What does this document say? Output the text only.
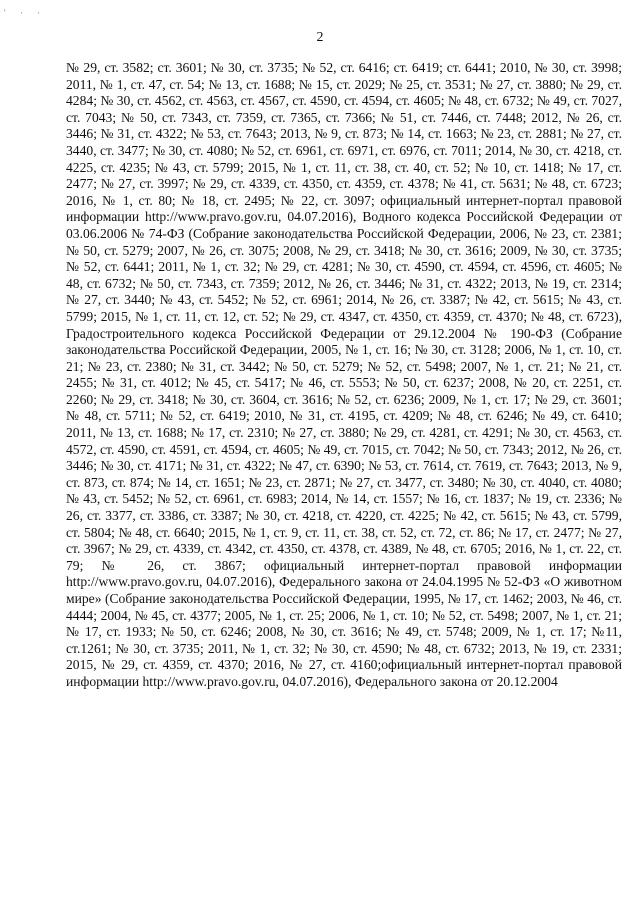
' · ·
2

№ 29, ст. 3582; ст. 3601; № 30, ст. 3735; № 52, ст. 6416; ст. 6419; ст. 6441; 2010, № 30, ст. 3998; 2011, № 1, ст. 47, ст. 54; № 13, ст. 1688; № 15, ст. 2029; № 25, ст. 3531; № 27, ст. 3880; № 29, ст. 4284; № 30, ст. 4562, ст. 4563, ст. 4567, ст. 4590, ст. 4594, ст. 4605; № 48, ст. 6732; № 49, ст. 7027, ст. 7043; № 50, ст. 7343, ст. 7359, ст. 7365, ст. 7366; № 51, ст. 7446, ст. 7448; 2012, № 26, ст. 3446; № 31, ст. 4322; № 53, ст. 7643; 2013, № 9, ст. 873; № 14, ст. 1663; № 23, ст. 2881; № 27, ст. 3440, ст. 3477; № 30, ст. 4080; № 52, ст. 6961, ст. 6971, ст. 6976, ст. 7011; 2014, № 30, ст. 4218, ст. 4225, ст. 4235; № 43, ст. 5799; 2015, № 1, ст. 11, ст. 38, ст. 40, ст. 52; № 10, ст. 1418; № 17, ст. 2477; № 27, ст. 3997; № 29, ст. 4339, ст. 4350, ст. 4359, ст. 4378; № 41, ст. 5631; № 48, ст. 6723; 2016, № 1, ст. 80; № 18, ст. 2495; № 22, ст. 3097; официальный интернет-портал правовой информации http://www.pravo.gov.ru, 04.07.2016), Водного кодекса Российской Федерации от 03.06.2006 № 74-ФЗ (Собрание законодательства Российской Федерации, 2006, № 23, ст. 2381; № 50, ст. 5279; 2007, № 26, ст. 3075; 2008, № 29, ст. 3418; № 30, ст. 3616; 2009, № 30, ст. 3735; № 52, ст. 6441; 2011, № 1, ст. 32; № 29, ст. 4281; № 30, ст. 4590, ст. 4594, ст. 4596, ст. 4605; № 48, ст. 6732; № 50, ст. 7343, ст. 7359; 2012, № 26, ст. 3446; № 31, ст. 4322; 2013, № 19, ст. 2314; № 27, ст. 3440; № 43, ст. 5452; № 52, ст. 6961; 2014, № 26, ст. 3387; № 42, ст. 5615; № 43, ст. 5799; 2015, № 1, ст. 11, ст. 12, ст. 52; № 29, ст. 4347, ст. 4350, ст. 4359, ст. 4370; № 48, ст. 6723), Градостроительного кодекса Российской Федерации от 29.12.2004 № 190-ФЗ (Собрание законодательства Российской Федерации, 2005, № 1, ст. 16; № 30, ст. 3128; 2006, № 1, ст. 10, ст. 21; № 23, ст. 2380; № 31, ст. 3442; № 50, ст. 5279; № 52, ст. 5498; 2007, № 1, ст. 21; № 21, ст. 2455; № 31, ст. 4012; № 45, ст. 5417; № 46, ст. 5553; № 50, ст. 6237; 2008, № 20, ст. 2251, ст. 2260; № 29, ст. 3418; № 30, ст. 3604, ст. 3616; № 52, ст. 6236; 2009, № 1, ст. 17; № 29, ст. 3601; № 48, ст. 5711; № 52, ст. 6419; 2010, № 31, ст. 4195, ст. 4209; № 48, ст. 6246; № 49, ст. 6410; 2011, № 13, ст. 1688; № 17, ст. 2310; № 27, ст. 3880; № 29, ст. 4281, ст. 4291; № 30, ст. 4563, ст. 4572, ст. 4590, ст. 4591, ст. 4594, ст. 4605; № 49, ст. 7015, ст. 7042; № 50, ст. 7343; 2012, № 26, ст. 3446; № 30, ст. 4171; № 31, ст. 4322; № 47, ст. 6390; № 53, ст. 7614, ст. 7619, ст. 7643; 2013, № 9, ст. 873, ст. 874; № 14, ст. 1651; № 23, ст. 2871; № 27, ст. 3477, ст. 3480; № 30, ст. 4040, ст. 4080; № 43, ст. 5452; № 52, ст. 6961, ст. 6983; 2014, № 14, ст. 1557; № 16, ст. 1837; № 19, ст. 2336; № 26, ст. 3377, ст. 3386, ст. 3387; № 30, ст. 4218, ст. 4220, ст. 4225; № 42, ст. 5615; № 43, ст. 5799, ст. 5804; № 48, ст. 6640; 2015, № 1, ст. 9, ст. 11, ст. 38, ст. 52, ст. 72, ст. 86; № 17, ст. 2477; № 27, ст. 3967; № 29, ст. 4339, ст. 4342, ст. 4350, ст. 4378, ст. 4389, № 48, ст. 6705; 2016, № 1, ст. 22, ст. 79; № 26, ст. 3867; официальный интернет-портал правовой информации http://www.pravo.gov.ru, 04.07.2016), Федерального закона от 24.04.1995 № 52-ФЗ «О животном мире» (Собрание законодательства Российской Федерации, 1995, № 17, ст. 1462; 2003, № 46, ст. 4444; 2004, № 45, ст. 4377; 2005, № 1, ст. 25; 2006, № 1, ст. 10; № 52, ст. 5498; 2007, № 1, ст. 21; № 17, ст. 1933; № 50, ст. 6246; 2008, № 30, ст. 3616; № 49, ст. 5748; 2009, № 1, ст. 17; №11, ст.1261; № 30, ст. 3735; 2011, № 1, ст. 32; № 30, ст. 4590; № 48, ст. 6732; 2013, № 19, ст. 2331; 2015, № 29, ст. 4359, ст. 4370; 2016, № 27, ст. 4160;официальный интернет-портал правовой информации http://www.pravo.gov.ru, 04.07.2016), Федерального закона от 20.12.2004
